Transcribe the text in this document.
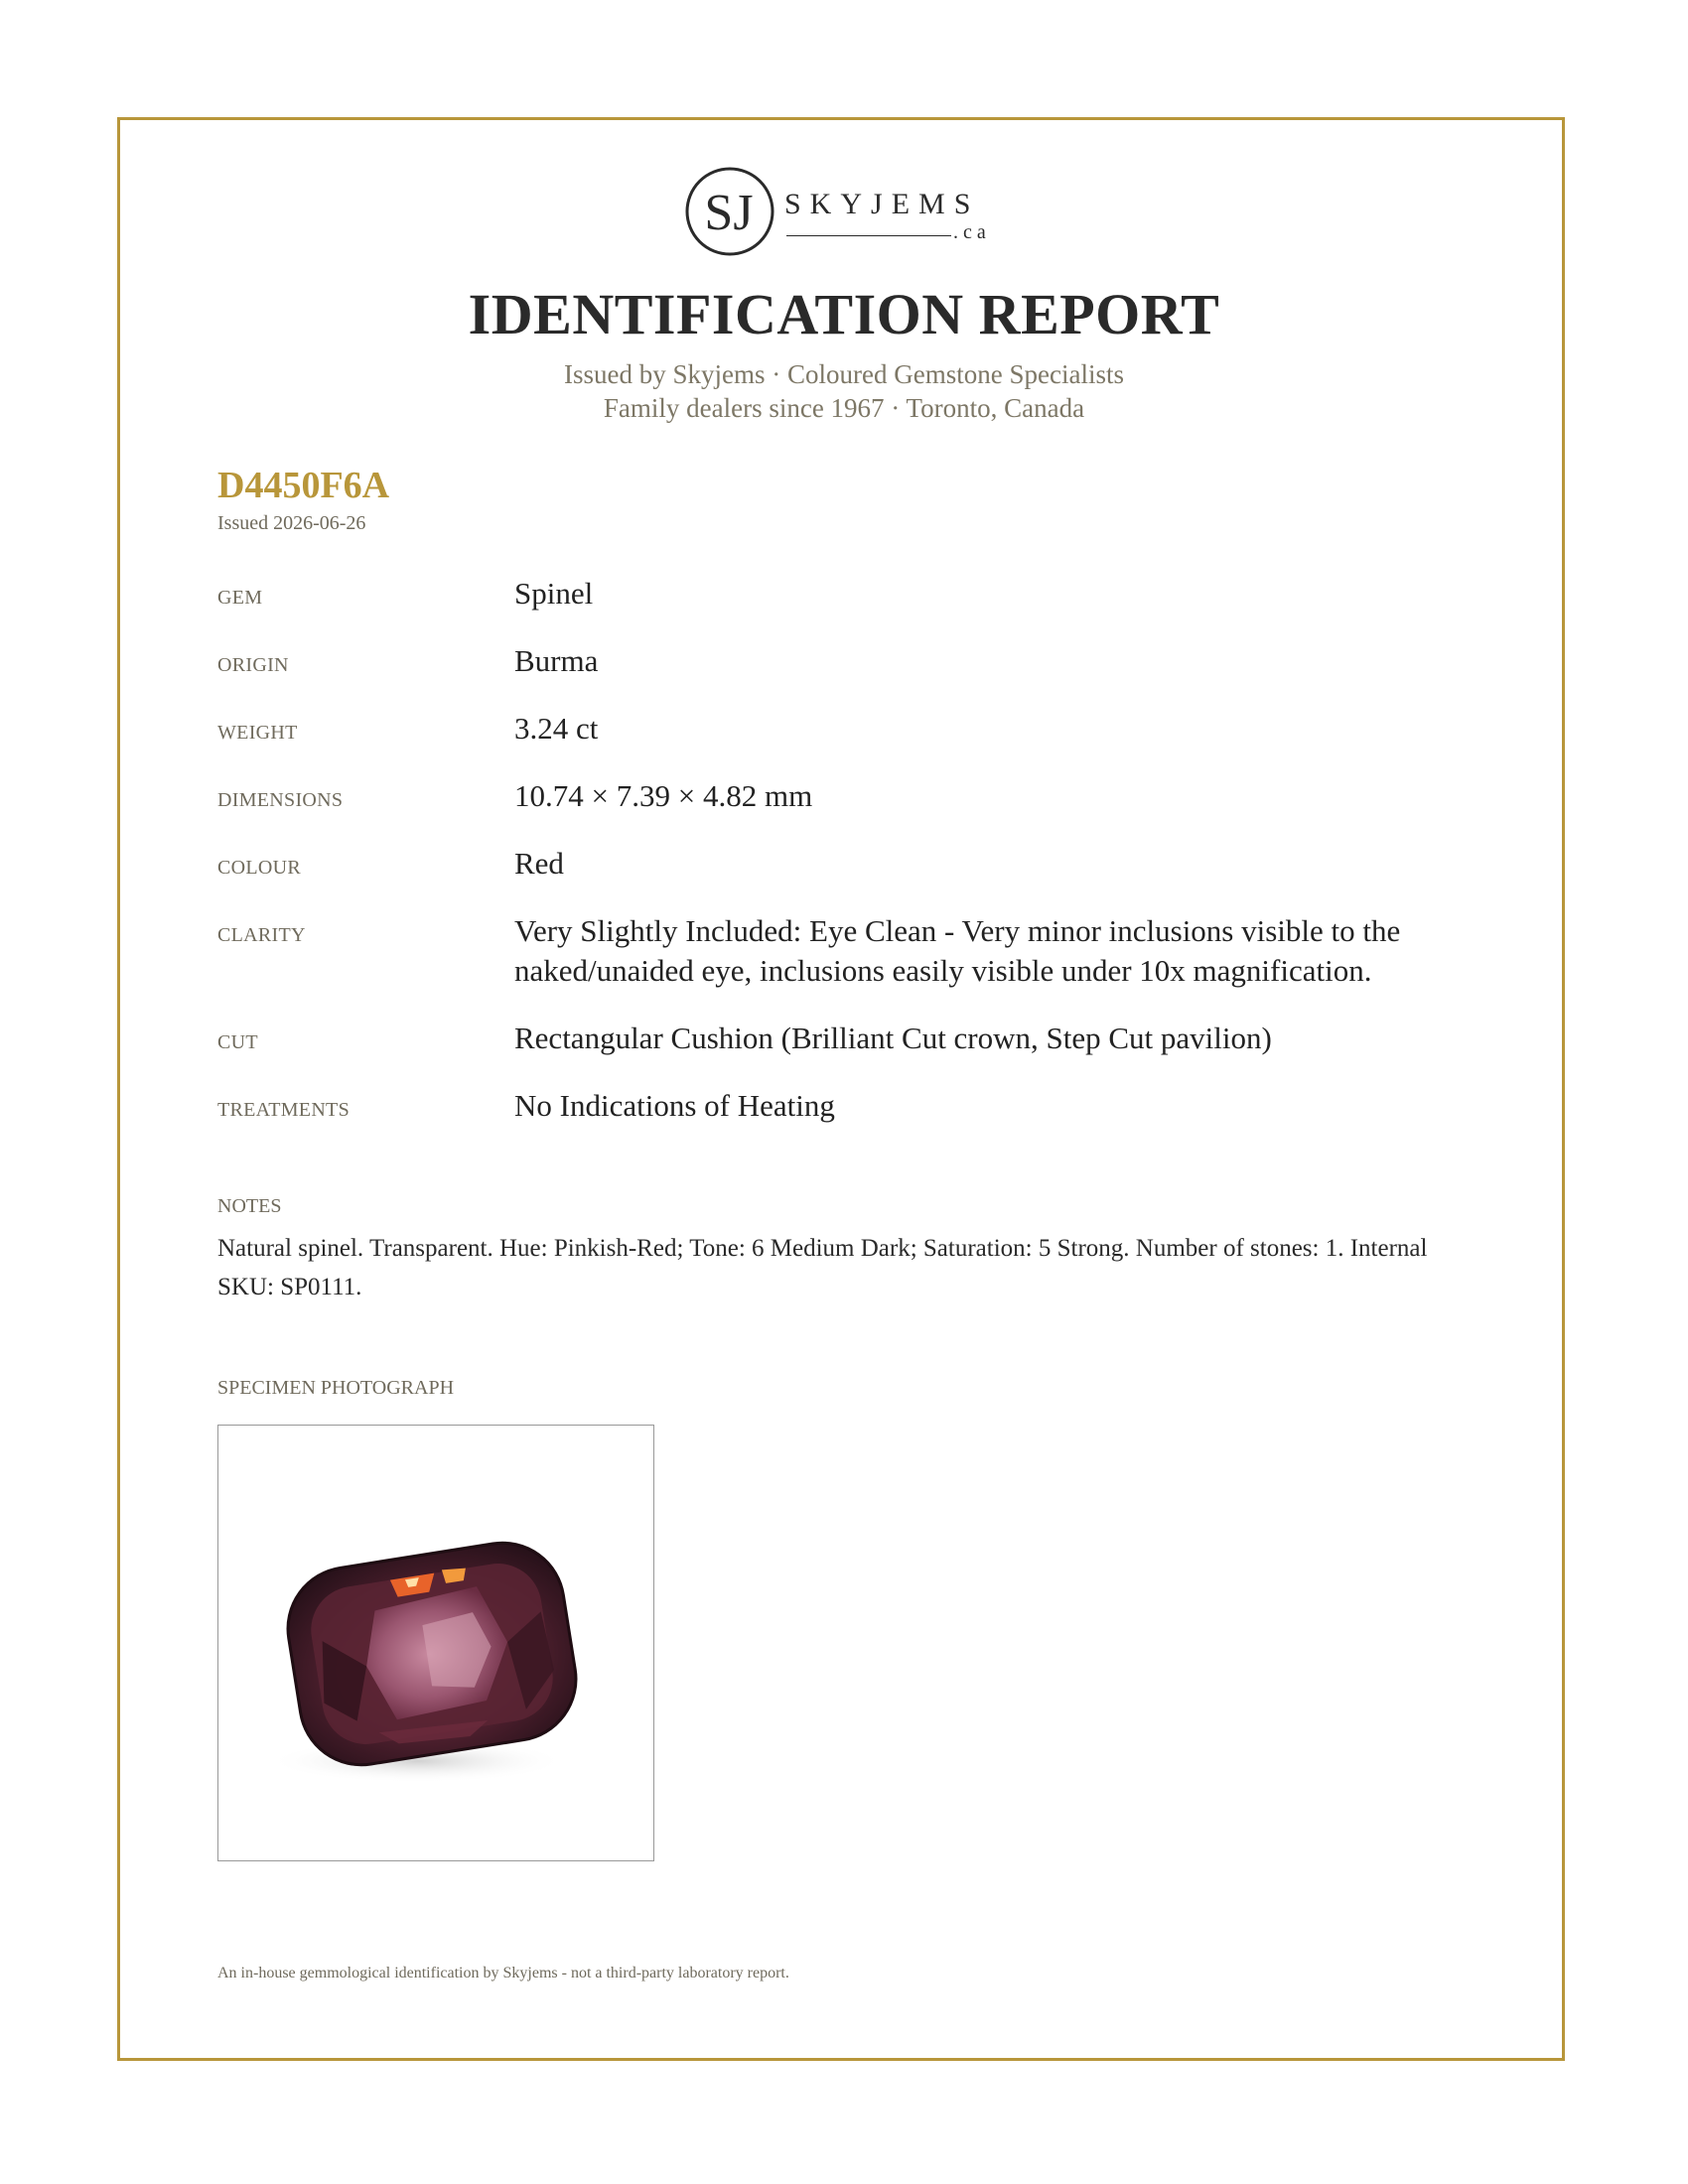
SJ SKYJEMS
.ca
IDENTIFICATION REPORT
Issued by Skyjems · Coloured Gemstone Specialists
Family dealers since 1967 · Toronto, Canada
D4450F6A
Issued 2026-06-26
GEM	Spinel
ORIGIN	Burma
WEIGHT	3.24 ct
DIMENSIONS	10.74 × 7.39 × 4.82 mm
COLOUR	Red
CLARITY	Very Slightly Included: Eye Clean - Very minor inclusions visible to the naked/unaided eye, inclusions easily visible under 10x magnification.
CUT	Rectangular Cushion (Brilliant Cut crown, Step Cut pavilion)
TREATMENTS	No Indications of Heating
NOTES
Natural spinel. Transparent. Hue: Pinkish-Red; Tone: 6 Medium Dark; Saturation: 5 Strong. Number of stones: 1. Internal SKU: SP0111.
SPECIMEN PHOTOGRAPH
An in-house gemmological identification by Skyjems - not a third-party laboratory report.
